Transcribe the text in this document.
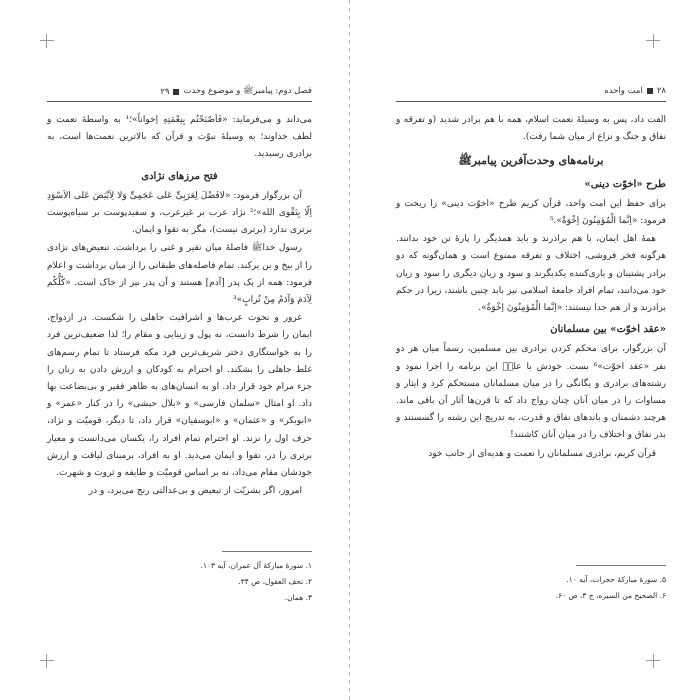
فصل دوم: پیامبرﷺ و موضوع وحدت
۲۹

می‌داند و می‌فرماید: «فَاَصْبَحْتُم بِنِعْمَتِهِ اِخواناً»؛¹ به واسطهٔ نعمت و لطف خداوند؛ به وسیلهٔ نبوّت و قرآن که بالاترین نعمت‌ها است، به برادری رسیدید.

فتح مرزهای نژادی

آن بزرگوار فرمود: «لافَضْلَ لِعَرَبِیٍّ عَلی عَجَمِیٍّ وَلا لِاَبْیَضَ عَلی الاَسْوَدِ اِلّا بِتَقْوی الله»؛² نژاد عرب بر غیرعرب، و سفیدپوست بر سیاه‌پوست برتری ندارد (برتری نیست)، مگر به تقوا و ایمان.

رسول خداﷺ فاصلهٔ میان نقیر و غنی را برداشت. تبعیض‌های نژادی را از بیخ و بن برکند. تمام فاصله‌های طبقاتی را از میان برداشت و اعلام فرمود: همه از یک پدر [آدم] هستند و آن پدر نیز از خاک است. «کُلُّکُم لِآدَمَ وَآدَمُ مِنْ تُرابٍ»³

غرور و نخوت عرب‌ها و اشرافیت جاهلی را شکست. در ازدواج، ایمان را شرط دانست، نه پول و زیبایی و مقام را؛ لذا ضعیف‌ترین فرد را به خواستگاری دختر شریف‌ترین فرد مکه فرستاد تا تمام رسم‌های غلط جاهلی را بشکند. او احترام به کودکان و ارزش دادن به زنان را جزء مرام خود قرار داد. او به انسان‌های به ظاهر فقیر و بی‌بضاعت بها داد. او امثال «سلمان فارسی» و «بلال حبشی» را در کنار «عمر» و «ابوبکر» و «عثمان» و «ابوسفیان» قرار داد، تا دیگر، قومیّت و نژاد، حرف اول را نزند. او احترام تمام افراد را، یکسان می‌دانست و معیار برتری را در، تقوا و ایمان می‌دید. او به افراد، برمبنای لیاقت و ارزش خودشان مقام می‌داد، نه بر اساس قومیّت و طایفه و ثروت و شهرت.

امروز، اگر بشریّت از تبعیض و بی‌عدالتی رنج می‌برد، و در

۱. سورهٔ مبارکهٔ آل عمران، آیه ۱۰۳.
۲. تحف العقول، ص ۳۴.
۳. همان.
۲۸
امت واحده

الفت داد، پس به وسیلهٔ نعمت اسلام، همه با هم برادر شدید (و تفرقه و نفاق و جنگ و نزاع از میان شما رفت).

برنامه‌های وحدت‌آفرین پیامبرﷺ
طرح «اخوّت دینی»

برای حفظ این امت واحد، قرآن کریم طرح «اخوّت دینی» را ریخت و فرمود: «اِنَّما الْمُؤمِنُونَ اِخْوَةٌ».⁵

همهٔ اهل ایمان، با هم برادرند و باید همدیگر را پارهٔ تن خود بدانند. هرگونه فخر فروشی، اختلاف و تفرقه ممنوع است و همان‌گونه که دو برادر پشتیبان و یاری‌کننده یکدیگرند و سود و زیان دیگری را سود و زیان خود می‌دانند، تمام افراد جامعهٔ اسلامی نیز باید چنین باشند، زیرا در حکم برادرند و از هم جدا نیستند: «اِنَّما الْمُؤمِنُونَ اِخْوَةٌ».

«عقد اخوّت» بین مسلمانان

آن بزرگوار، برای محکم کردن برادری بین مسلمین، رسماً میان هر دو نفر «عقد اخوّت»⁶ بست. خودش با علیؑ این برنامه را اجرا نمود و رشته‌های برادری و یگانگی را در میان مسلمانان مستحکم کرد و ایثار و مساوات را در میان آنان چنان رواج داد که تا قرن‌ها آثار آن باقی ماند. هرچند دشمنان و باندهای نفاق و قدرت، به تدریج این رشته را گسستند و بذر نفاق و اختلاف را در میان آنان کاشتند!

قرآن کریم، برادری مسلمانان را نعمت و هدیه‌ای از جانب خود

۵. سورهٔ مبارکهٔ حجرات، آیه ۱۰.
۶. الصحیح من السیره، ج ۳، ص ۶۰.
